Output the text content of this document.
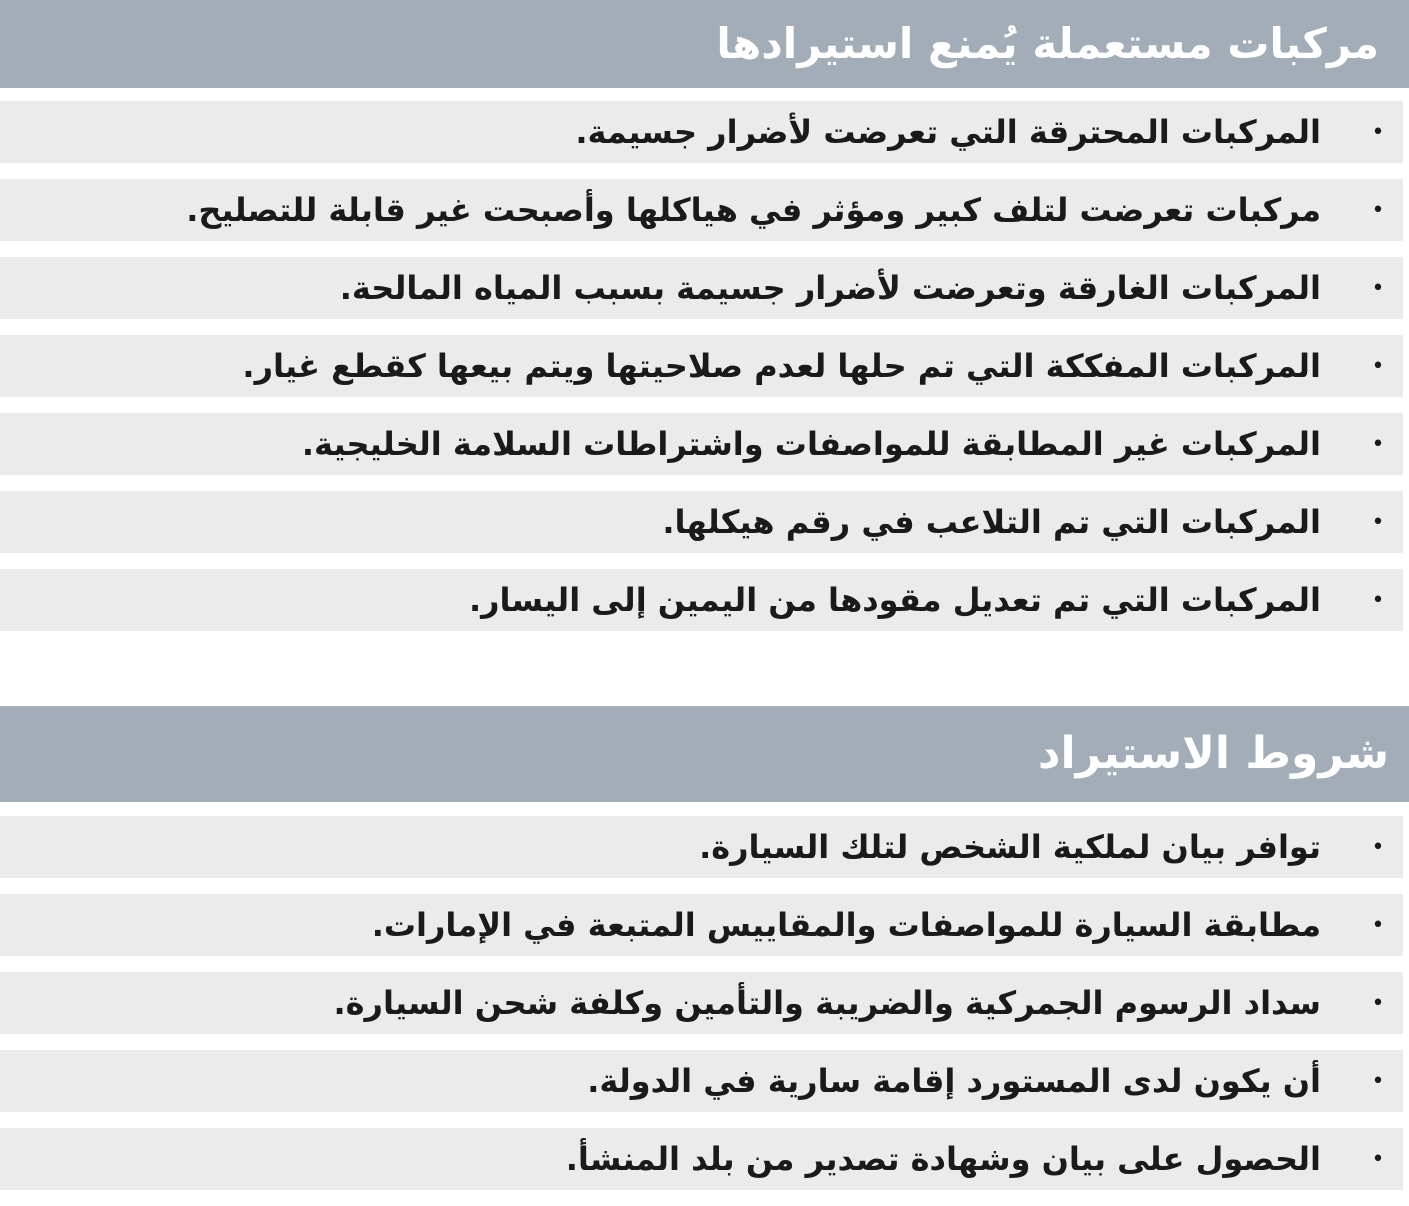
مركبات مستعملة يُمنع استيرادها
•
المركبات المحترقة التي تعرضت لأضرار جسيمة.
•
مركبات تعرضت لتلف كبير ومؤثر في هياكلها وأصبحت غير قابلة للتصليح.
•
المركبات الغارقة وتعرضت لأضرار جسيمة بسبب المياه المالحة.
•
المركبات المفككة التي تم حلها لعدم صلاحيتها ويتم بيعها كقطع غيار.
•
المركبات غير المطابقة للمواصفات واشتراطات السلامة الخليجية.
•
المركبات التي تم التلاعب في رقم هيكلها.
•
المركبات التي تم تعديل مقودها من اليمين إلى اليسار.
شروط الاستيراد
•
توافر بيان لملكية الشخص لتلك السيارة.
•
مطابقة السيارة للمواصفات والمقاييس المتبعة في الإمارات.
•
سداد الرسوم الجمركية والضريبة والتأمين وكلفة شحن السيارة.
•
أن يكون لدى المستورد إقامة سارية في الدولة.
•
الحصول على بيان وشهادة تصدير من بلد المنشأ.
